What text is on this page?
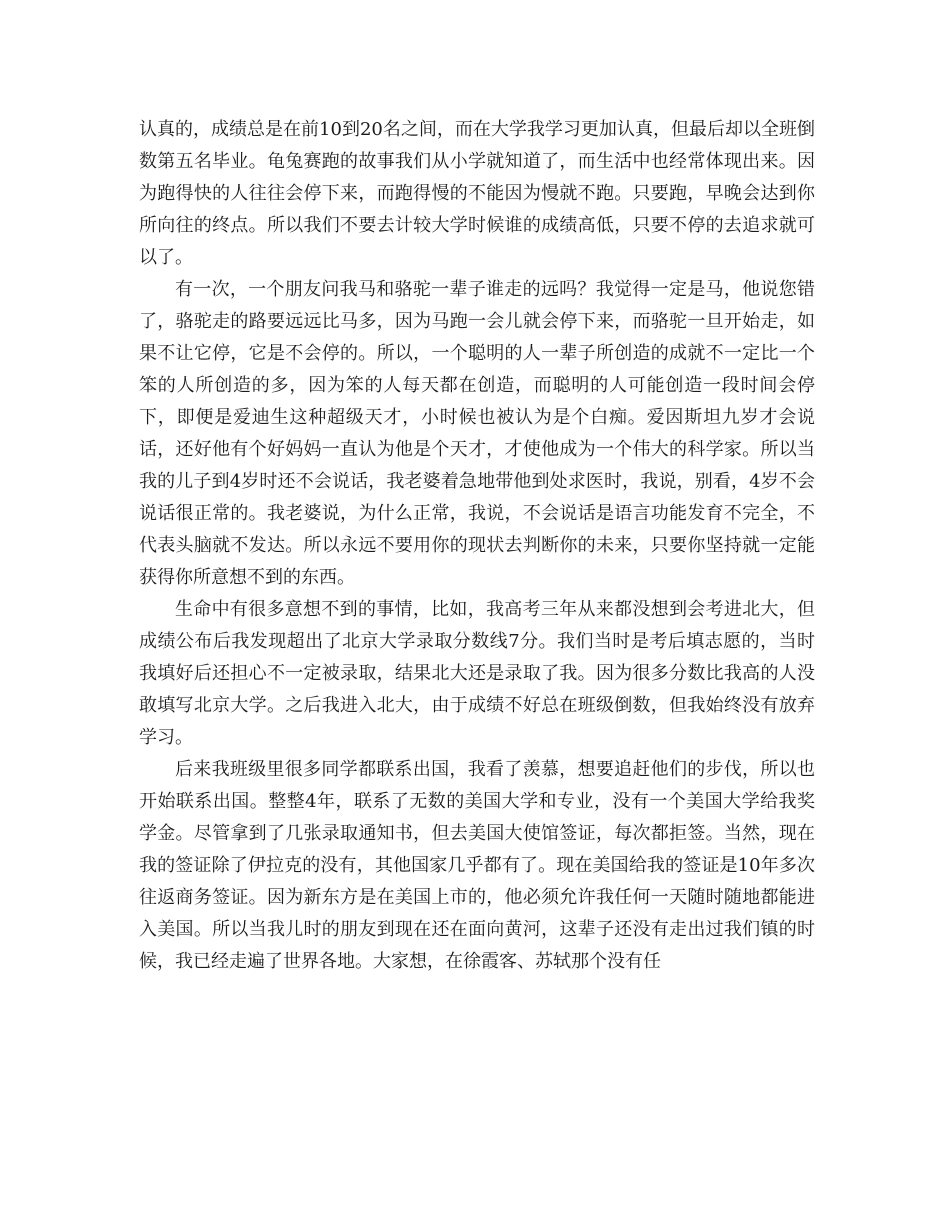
认真的，成绩总是在前10到20名之间，而在大学我学习更加认真，但最后却以全班倒数第五名毕业。龟兔赛跑的故事我们从小学就知道了，而生活中也经常体现出来。因为跑得快的人往往会停下来，而跑得慢的不能因为慢就不跑。只要跑，早晚会达到你所向往的终点。所以我们不要去计较大学时候谁的成绩高低，只要不停的去追求就可以了。

有一次，一个朋友问我马和骆驼一辈子谁走的远吗？我觉得一定是马，他说您错了，骆驼走的路要远远比马多，因为马跑一会儿就会停下来，而骆驼一旦开始走，如果不让它停，它是不会停的。所以，一个聪明的人一辈子所创造的成就不一定比一个笨的人所创造的多，因为笨的人每天都在创造，而聪明的人可能创造一段时间会停下，即便是爱迪生这种超级天才，小时候也被认为是个白痴。爱因斯坦九岁才会说话，还好他有个好妈妈一直认为他是个天才，才使他成为一个伟大的科学家。所以当我的儿子到4岁时还不会说话，我老婆着急地带他到处求医时，我说，别看，4岁不会说话很正常的。我老婆说，为什么正常，我说，不会说话是语言功能发育不完全，不代表头脑就不发达。所以永远不要用你的现状去判断你的未来，只要你坚持就一定能获得你所意想不到的东西。

生命中有很多意想不到的事情，比如，我高考三年从来都没想到会考进北大，但成绩公布后我发现超出了北京大学录取分数线7分。我们当时是考后填志愿的，当时我填好后还担心不一定被录取，结果北大还是录取了我。因为很多分数比我高的人没敢填写北京大学。之后我进入北大，由于成绩不好总在班级倒数，但我始终没有放弃学习。

后来我班级里很多同学都联系出国，我看了羡慕，想要追赶他们的步伐，所以也开始联系出国。整整4年，联系了无数的美国大学和专业，没有一个美国大学给我奖学金。尽管拿到了几张录取通知书，但去美国大使馆签证，每次都拒签。当然，现在我的签证除了伊拉克的没有，其他国家几乎都有了。现在美国给我的签证是10年多次往返商务签证。因为新东方是在美国上市的，他必须允许我任何一天随时随地都能进入美国。所以当我儿时的朋友到现在还在面向黄河，这辈子还没有走出过我们镇的时候，我已经走遍了世界各地。大家想，在徐霞客、苏轼那个没有任
